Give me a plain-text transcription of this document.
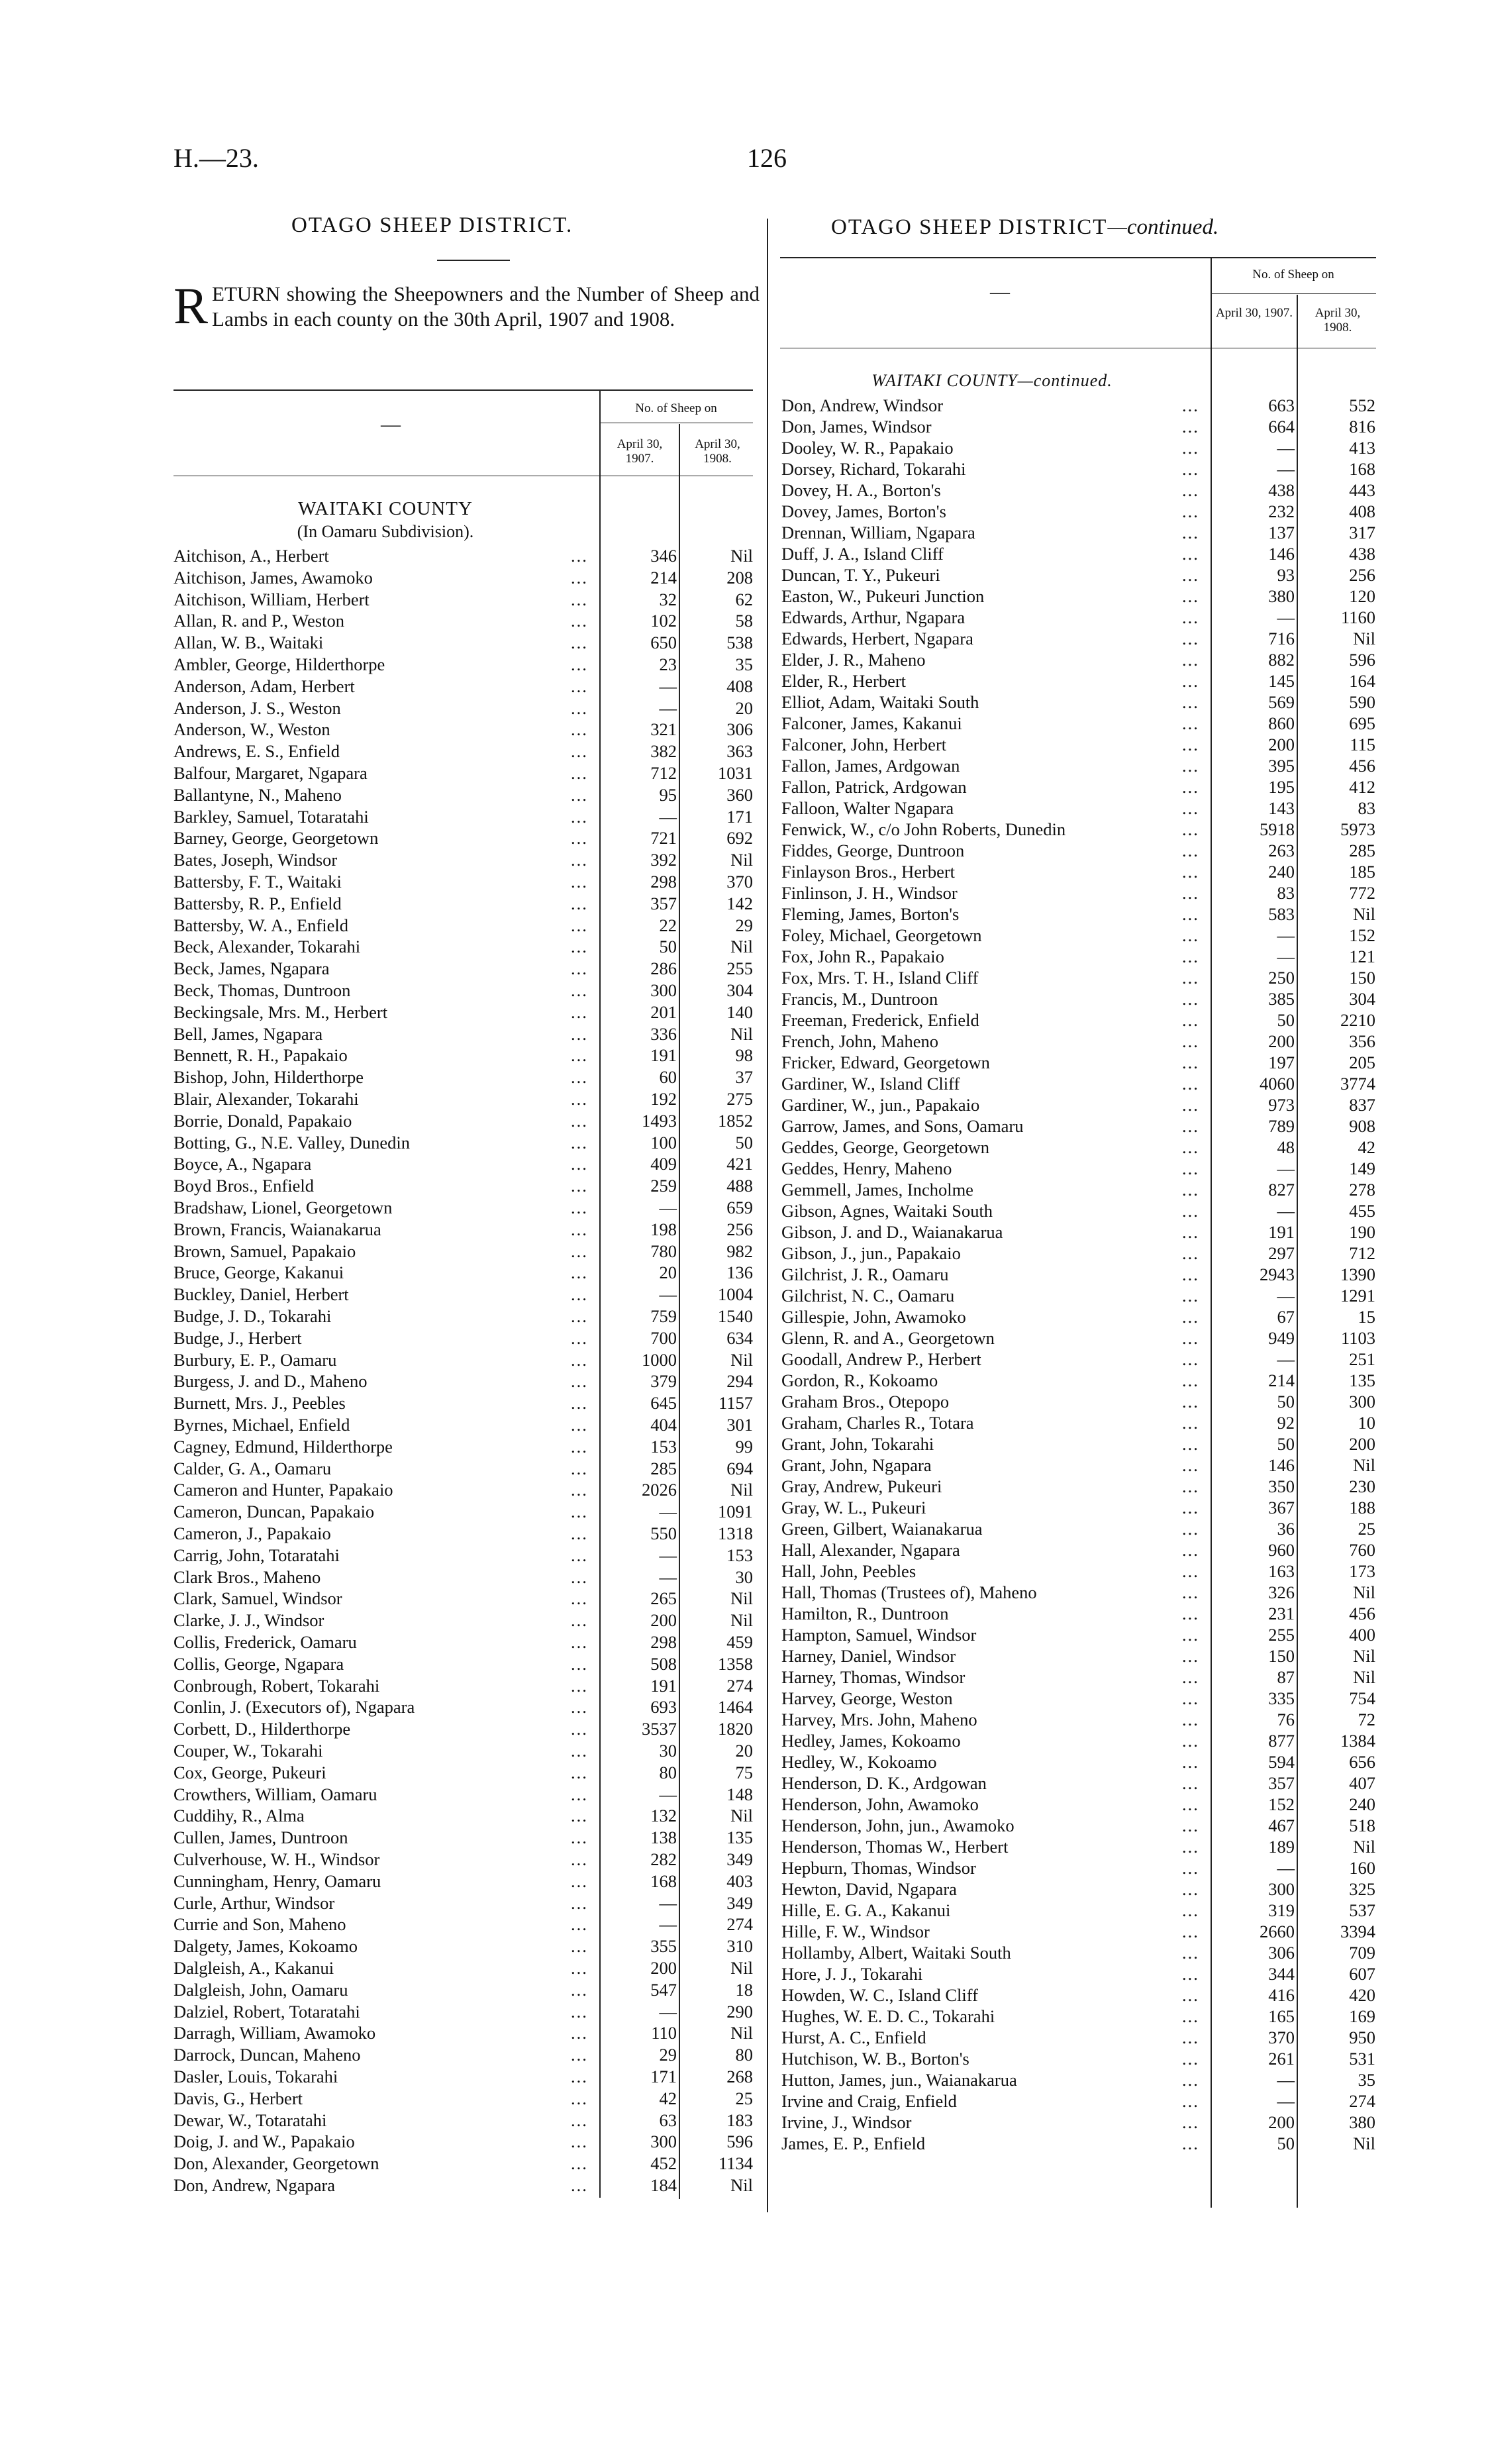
H.—23.	126
OTAGO SHEEP DISTRICT.
RETURN showing the Sheepowners and the Number of Sheep and Lambs in each county on the 30th April, 1907 and 1908.
—
No. of Sheep on
April 30, 1907.
April 30, 1908.
WAITAKI COUNTY
(In Oamaru Subdivision).
Aitchison, A., Herbert	...	346	Nil
Aitchison, James, Awamoko	...	214	208
Aitchison, William, Herbert	...	32	62
Allan, R. and P., Weston	...	102	58
Allan, W. B., Waitaki	...	650	538
Ambler, George, Hilderthorpe	...	23	35
Anderson, Adam, Herbert	...	—	408
Anderson, J. S., Weston	...	—	20
Anderson, W., Weston	...	321	306
Andrews, E. S., Enfield	...	382	363
Balfour, Margaret, Ngapara	...	712	1031
Ballantyne, N., Maheno	...	95	360
Barkley, Samuel, Totaratahi	...	—	171
Barney, George, Georgetown	...	721	692
Bates, Joseph, Windsor	...	392	Nil
Battersby, F. T., Waitaki	...	298	370
Battersby, R. P., Enfield	...	357	142
Battersby, W. A., Enfield	...	22	29
Beck, Alexander, Tokarahi	...	50	Nil
Beck, James, Ngapara	...	286	255
Beck, Thomas, Duntroon	...	300	304
Beckingsale, Mrs. M., Herbert	...	201	140
Bell, James, Ngapara	...	336	Nil
Bennett, R. H., Papakaio	...	191	98
Bishop, John, Hilderthorpe	...	60	37
Blair, Alexander, Tokarahi	...	192	275
Borrie, Donald, Papakaio	...	1493	1852
Botting, G., N.E. Valley, Dunedin	...	100	50
Boyce, A., Ngapara	...	409	421
Boyd Bros., Enfield	...	259	488
Bradshaw, Lionel, Georgetown	...	—	659
Brown, Francis, Waianakarua	...	198	256
Brown, Samuel, Papakaio	...	780	982
Bruce, George, Kakanui	...	20	136
Buckley, Daniel, Herbert	...	—	1004
Budge, J. D., Tokarahi	...	759	1540
Budge, J., Herbert	...	700	634
Burbury, E. P., Oamaru	...	1000	Nil
Burgess, J. and D., Maheno	...	379	294
Burnett, Mrs. J., Peebles	...	645	1157
Byrnes, Michael, Enfield	...	404	301
Cagney, Edmund, Hilderthorpe	...	153	99
Calder, G. A., Oamaru	...	285	694
Cameron and Hunter, Papakaio	...	2026	Nil
Cameron, Duncan, Papakaio	...	—	1091
Cameron, J., Papakaio	...	550	1318
Carrig, John, Totaratahi	...	—	153
Clark Bros., Maheno	...	—	30
Clark, Samuel, Windsor	...	265	Nil
Clarke, J. J., Windsor	...	200	Nil
Collis, Frederick, Oamaru	...	298	459
Collis, George, Ngapara	...	508	1358
Conbrough, Robert, Tokarahi	...	191	274
Conlin, J. (Executors of), Ngapara	...	693	1464
Corbett, D., Hilderthorpe	...	3537	1820
Couper, W., Tokarahi	...	30	20
Cox, George, Pukeuri	...	80	75
Crowthers, William, Oamaru	...	—	148
Cuddihy, R., Alma	...	132	Nil
Cullen, James, Duntroon	...	138	135
Culverhouse, W. H., Windsor	...	282	349
Cunningham, Henry, Oamaru	...	168	403
Curle, Arthur, Windsor	...	—	349
Currie and Son, Maheno	...	—	274
Dalgety, James, Kokoamo	...	355	310
Dalgleish, A., Kakanui	...	200	Nil
Dalgleish, John, Oamaru	...	547	18
Dalziel, Robert, Totaratahi	...	—	290
Darragh, William, Awamoko	...	110	Nil
Darrock, Duncan, Maheno	...	29	80
Dasler, Louis, Tokarahi	...	171	268
Davis, G., Herbert	...	42	25
Dewar, W., Totaratahi	...	63	183
Doig, J. and W., Papakaio	...	300	596
Don, Alexander, Georgetown	...	452	1134
Don, Andrew, Ngapara	...	184	Nil
OTAGO SHEEP DISTRICT—continued.
—
No. of Sheep on
April 30, 1907.	April 30, 1908.
WAITAKI COUNTY—continued.
Don, Andrew, Windsor	...	663	552
Don, James, Windsor	...	664	816
Dooley, W. R., Papakaio	...	—	413
Dorsey, Richard, Tokarahi	...	—	168
Dovey, H. A., Borton's	...	438	443
Dovey, James, Borton's	...	232	408
Drennan, William, Ngapara	...	137	317
Duff, J. A., Island Cliff	...	146	438
Duncan, T. Y., Pukeuri	...	93	256
Easton, W., Pukeuri Junction	...	380	120
Edwards, Arthur, Ngapara	...	—	1160
Edwards, Herbert, Ngapara	...	716	Nil
Elder, J. R., Maheno	...	882	596
Elder, R., Herbert	...	145	164
Elliot, Adam, Waitaki South	...	569	590
Falconer, James, Kakanui	...	860	695
Falconer, John, Herbert	...	200	115
Fallon, James, Ardgowan	...	395	456
Fallon, Patrick, Ardgowan	...	195	412
Falloon, Walter Ngapara	...	143	83
Fenwick, W., c/o John Roberts, Dunedin	...	5918	5973
Fiddes, George, Duntroon	...	263	285
Finlayson Bros., Herbert	...	240	185
Finlinson, J. H., Windsor	...	83	772
Fleming, James, Borton's	...	583	Nil
Foley, Michael, Georgetown	...	—	152
Fox, John R., Papakaio	...	—	121
Fox, Mrs. T. H., Island Cliff	...	250	150
Francis, M., Duntroon	...	385	304
Freeman, Frederick, Enfield	...	50	2210
French, John, Maheno	...	200	356
Fricker, Edward, Georgetown	...	197	205
Gardiner, W., Island Cliff	...	4060	3774
Gardiner, W., jun., Papakaio	...	973	837
Garrow, James, and Sons, Oamaru	...	789	908
Geddes, George, Georgetown	...	48	42
Geddes, Henry, Maheno	...	—	149
Gemmell, James, Incholme	...	827	278
Gibson, Agnes, Waitaki South	...	—	455
Gibson, J. and D., Waianakarua	...	191	190
Gibson, J., jun., Papakaio	...	297	712
Gilchrist, J. R., Oamaru	...	2943	1390
Gilchrist, N. C., Oamaru	...	—	1291
Gillespie, John, Awamoko	...	67	15
Glenn, R. and A., Georgetown	...	949	1103
Goodall, Andrew P., Herbert	...	—	251
Gordon, R., Kokoamo	...	214	135
Graham Bros., Otepopo	...	50	300
Graham, Charles R., Totara	...	92	10
Grant, John, Tokarahi	...	50	200
Grant, John, Ngapara	...	146	Nil
Gray, Andrew, Pukeuri	...	350	230
Gray, W. L., Pukeuri	...	367	188
Green, Gilbert, Waianakarua	...	36	25
Hall, Alexander, Ngapara	...	960	760
Hall, John, Peebles	...	163	173
Hall, Thomas (Trustees of), Maheno	...	326	Nil
Hamilton, R., Duntroon	...	231	456
Hampton, Samuel, Windsor	...	255	400
Harney, Daniel, Windsor	...	150	Nil
Harney, Thomas, Windsor	...	87	Nil
Harvey, George, Weston	...	335	754
Harvey, Mrs. John, Maheno	...	76	72
Hedley, James, Kokoamo	...	877	1384
Hedley, W., Kokoamo	...	594	656
Henderson, D. K., Ardgowan	...	357	407
Henderson, John, Awamoko	...	152	240
Henderson, John, jun., Awamoko	...	467	518
Henderson, Thomas W., Herbert	...	189	Nil
Hepburn, Thomas, Windsor	...	—	160
Hewton, David, Ngapara	...	300	325
Hille, E. G. A., Kakanui	...	319	537
Hille, F. W., Windsor	...	2660	3394
Hollamby, Albert, Waitaki South	...	306	709
Hore, J. J., Tokarahi	...	344	607
Howden, W. C., Island Cliff	...	416	420
Hughes, W. E. D. C., Tokarahi	...	165	169
Hurst, A. C., Enfield	...	370	950
Hutchison, W. B., Borton's	...	261	531
Hutton, James, jun., Waianakarua	...	—	35
Irvine and Craig, Enfield	...	—	274
Irvine, J., Windsor	...	200	380
James, E. P., Enfield	...	50	Nil
